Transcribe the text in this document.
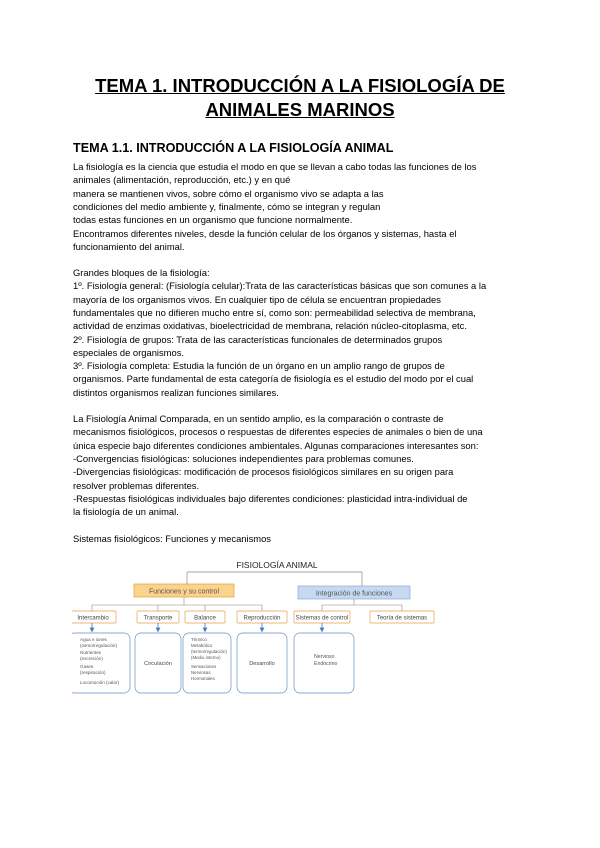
TEMA 1. INTRODUCCIÓN A LA FISIOLOGÍA DE
ANIMALES MARINOS
TEMA 1.1. INTRODUCCIÓN A LA FISIOLOGÍA ANIMAL
La fisiología es la ciencia que estudia el modo en que se llevan a cabo todas las funciones de los
animales (alimentación, reproducción, etc.) y en qué
manera se mantienen vivos, sobre cómo el organismo vivo se adapta a las
condiciones del medio ambiente y, finalmente, cómo se integran y regulan
todas estas funciones en un organismo que funcione normalmente.
Encontramos diferentes niveles, desde la función celular de los órganos y sistemas, hasta el
funcionamiento del animal.
Grandes bloques de la fisiología:
1º. Fisiología general: (Fisiología celular):Trata de las características básicas que son comunes a la
mayoría de los organismos vivos. En cualquier tipo de célula se encuentran propiedades
fundamentales que no difieren mucho entre sí, como son: permeabilidad selectiva de membrana,
actividad de enzimas oxidativas, bioelectricidad de membrana, relación núcleo-citoplasma, etc.
2º. Fisiología de grupos: Trata de las características funcionales de determinados grupos
especiales de organismos.
3º. Fisiología completa: Estudia la función de un órgano en un amplio rango de grupos de
organismos. Parte fundamental de esta categoría de fisiología es el estudio del modo por el cual
distintos organismos realizan funciones similares.
La Fisiología Animal Comparada, en un sentido amplio, es la comparación o contraste de
mecanismos fisiológicos, procesos o respuestas de diferentes especies de animales o bien de una
única especie bajo diferentes condiciones ambientales. Algunas comparaciones interesantes son:
-Convergencias fisiológicas: soluciones independientes para problemas comunes.
-Divergencias fisiológicas: modificación de procesos fisiológicos similares en su origen para
resolver problemas diferentes.
-Respuestas fisiológicas individuales bajo diferentes condiciones: plasticidad intra-individual de
la fisiología de un animal.
Sistemas fisiológicos: Funciones y mecanismos
FISIOLOGÍA ANIMAL
Funciones y su control	Integración de funciones
Intercambio	Transporte	Balance	Reproducción	Sistemas de control	Teoría de sistemas
Agua e iones
(osmorregulación)
Nutrientes
(excreción)
Gases
(respiración)
Locomoción (calor)
Circulación
Térmico
Metabólico
(termorregulación)
(Medio interno)
Sensaciones
Nerviosas
Hormonales
Desarrollo
Nervioso
Endocrino
